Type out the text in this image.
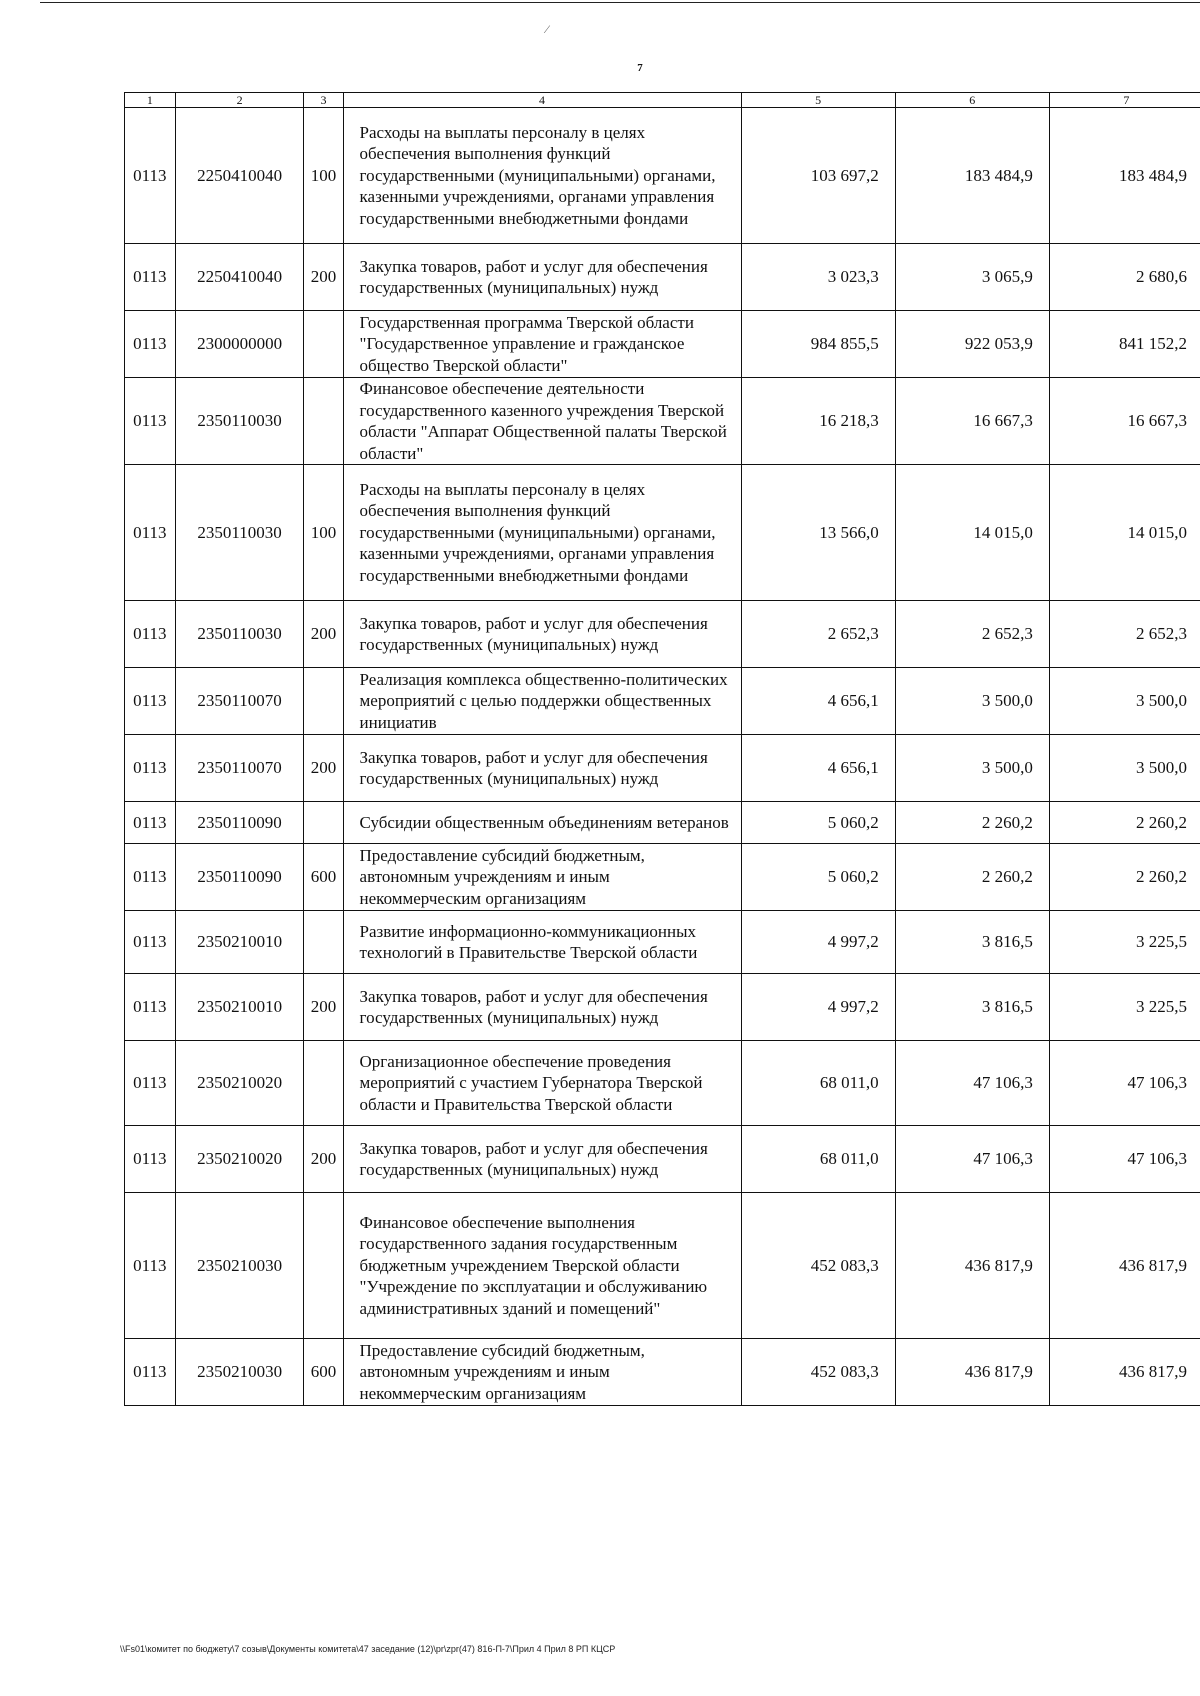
⁄
7
1	2	3	4	5	6	7
0113	2250410040	100	Расходы на выплаты персоналу в целях обеспечения выполнения функций государственными (муниципальными) органами, казенными учреждениями, органами управления государственными внебюджетными фондами	103 697,2	183 484,9	183 484,9
0113	2250410040	200	Закупка товаров, работ и услуг для обеспечения государственных (муниципальных) нужд	3 023,3	3 065,9	2 680,6
0113	2300000000		Государственная программа Тверской области "Государственное управление и гражданское общество Тверской области"	984 855,5	922 053,9	841 152,2
0113	2350110030		Финансовое обеспечение деятельности государственного казенного учреждения Тверской области "Аппарат Общественной палаты Тверской области"	16 218,3	16 667,3	16 667,3
0113	2350110030	100	Расходы на выплаты персоналу в целях обеспечения выполнения функций государственными (муниципальными) органами, казенными учреждениями, органами управления государственными внебюджетными фондами	13 566,0	14 015,0	14 015,0
0113	2350110030	200	Закупка товаров, работ и услуг для обеспечения государственных (муниципальных) нужд	2 652,3	2 652,3	2 652,3
0113	2350110070		Реализация комплекса общественно-политических мероприятий с целью поддержки общественных инициатив	4 656,1	3 500,0	3 500,0
0113	2350110070	200	Закупка товаров, работ и услуг для обеспечения государственных (муниципальных) нужд	4 656,1	3 500,0	3 500,0
0113	2350110090		Субсидии общественным объединениям ветеранов	5 060,2	2 260,2	2 260,2
0113	2350110090	600	Предоставление субсидий бюджетным, автономным учреждениям и иным некоммерческим организациям	5 060,2	2 260,2	2 260,2
0113	2350210010		Развитие информационно-коммуникационных технологий в Правительстве Тверской области	4 997,2	3 816,5	3 225,5
0113	2350210010	200	Закупка товаров, работ и услуг для обеспечения государственных (муниципальных) нужд	4 997,2	3 816,5	3 225,5
0113	2350210020		Организационное обеспечение проведения мероприятий с участием Губернатора Тверской области и Правительства Тверской области	68 011,0	47 106,3	47 106,3
0113	2350210020	200	Закупка товаров, работ и услуг для обеспечения государственных (муниципальных) нужд	68 011,0	47 106,3	47 106,3
0113	2350210030		Финансовое обеспечение выполнения государственного задания государственным бюджетным учреждением Тверской области "Учреждение по эксплуатации и обслуживанию административных зданий и помещений"	452 083,3	436 817,9	436 817,9
0113	2350210030	600	Предоставление субсидий бюджетным, автономным учреждениям и иным некоммерческим организациям	452 083,3	436 817,9	436 817,9
\\Fs01\комитет по бюджету\7 созыв\Документы комитета\47 заседание (12)\pr\zpr(47) 816-П-7\Прил 4 Прил 8 РП КЦСР
